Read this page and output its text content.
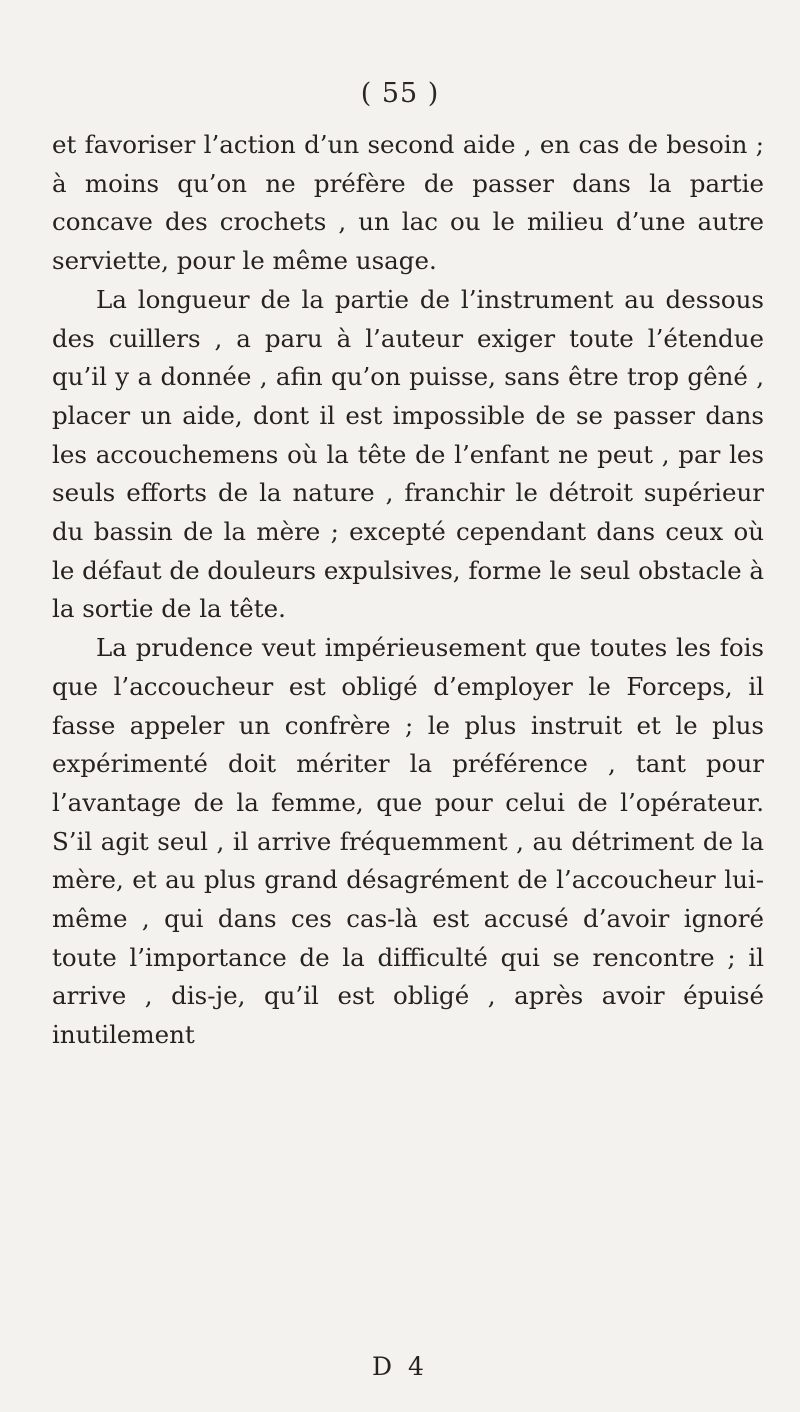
( 55 )

et favoriser l’action d’un second aide , en cas de besoin ; à moins qu’on ne préfère de passer dans la partie concave des crochets , un lac ou le milieu d’une autre serviette, pour le même usage.

La longueur de la partie de l’instrument au dessous des cuillers , a paru à l’auteur exiger toute l’étendue qu’il y a donnée , afin qu’on puisse, sans être trop gêné , placer un aide, dont il est impossible de se passer dans les accouchemens où la tête de l’enfant ne peut , par les seuls efforts de la nature , franchir le détroit supérieur du bassin de la mère ; excepté cependant dans ceux où le défaut de douleurs expulsives, forme le seul obstacle à la sortie de la tête.

La prudence veut impérieusement que toutes les fois que l’accoucheur est obligé d’employer le Forceps, il fasse appeler un confrère ; le plus instruit et le plus expérimenté doit mériter la préférence , tant pour l’avantage de la femme, que pour celui de l’opérateur. S’il agit seul , il arrive fréquemment , au détriment de la mère, et au plus grand désagrément de l’accoucheur lui-même , qui dans ces cas-là est accusé d’avoir ignoré toute l’importance de la difficulté qui se rencontre ; il arrive , dis-je, qu’il est obligé , après avoir épuisé inutilement

D 4
